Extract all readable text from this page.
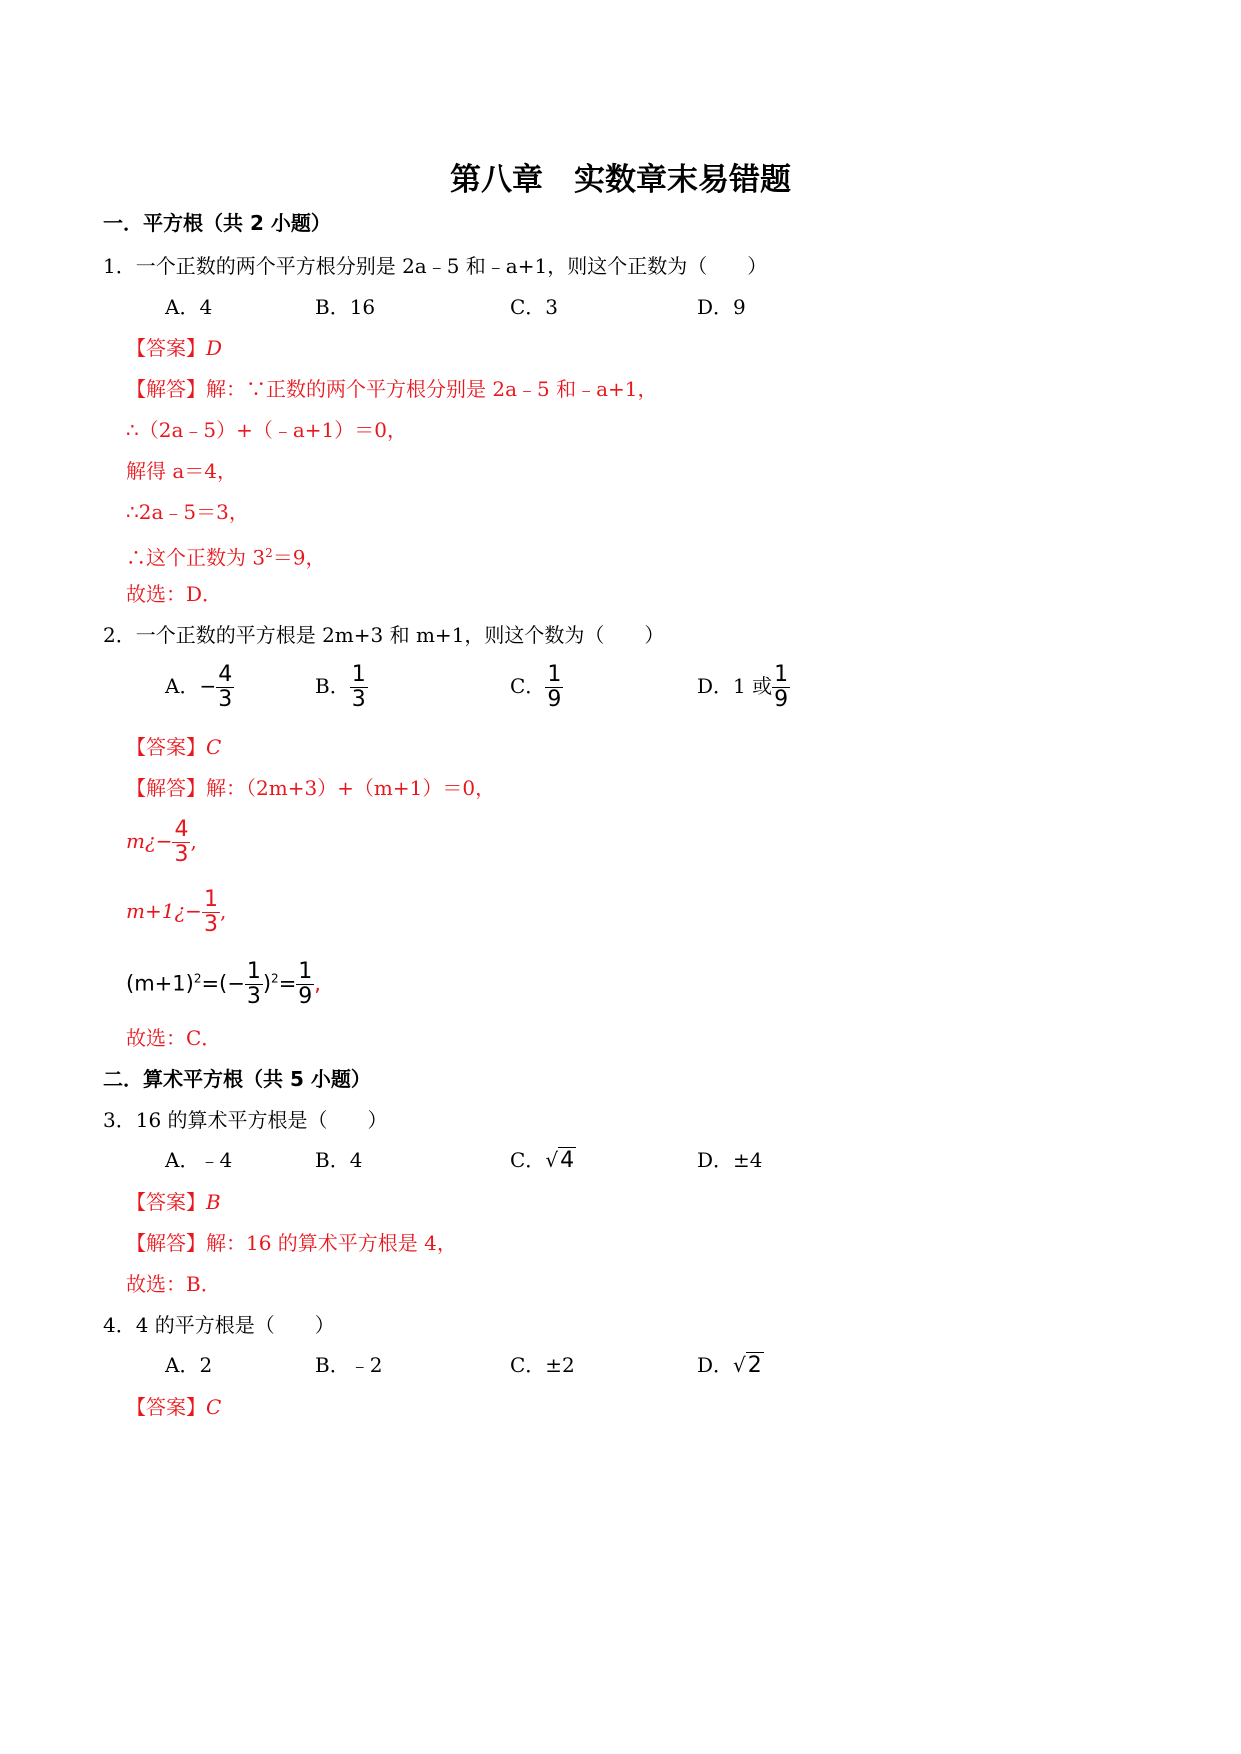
第八章　实数章末易错题
一．平方根（共 2 小题）
1．一个正数的两个平方根分别是 2a﹣5 和﹣a+1，则这个正数为（　　）
A．4	B．16	C．3	D．9
【答案】D
【解答】解：∵正数的两个平方根分别是 2a﹣5 和﹣a+1，
∴（2a﹣5）+（﹣a+1）＝0，
解得 a＝4，
∴2a﹣5＝3，
∴这个正数为 $3^2=9$，
故选：D．
2．一个正数的平方根是 2m+3 和 m+1，则这个数为（　　）
A．− $\frac{4}{3}$	B． $\frac{1}{3}$	C． $\frac{1}{9}$	D．1 或 $\frac{1}{9}$
【答案】C
【解答】解：（2m+3）+（m+1）＝0，
m¿− $\frac{4}{3}$ ,
m+1¿− $\frac{1}{3}$ ,
$(m+1)^2=(- \frac{1}{3} )^2= \frac{1}{9}$ ,
故选：C．
二．算术平方根（共 5 小题）
3．16 的算术平方根是（　　）
A．﹣4	B．4	C．√4	D．±4
【答案】B
【解答】解：16 的算术平方根是 4，
故选：B．
4．4 的平方根是（　　）
A．2	B．﹣2	C．±2	D．√2
【答案】C
